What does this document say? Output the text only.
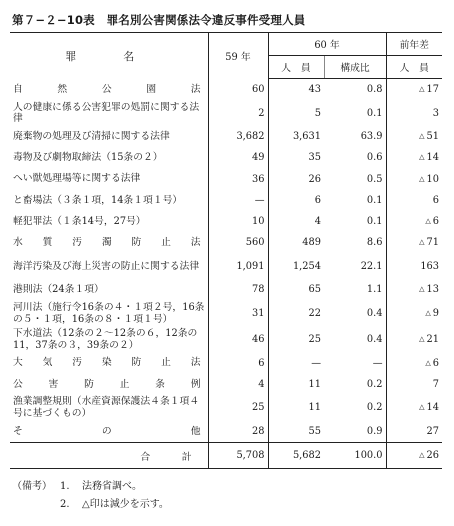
第７−２−10表　罪名別公害関係法令違反事件受理人員
罪　名	59 年	60 年		前年差
		人　員	構成比	人　員

自然公園法	60	43	0.8	△ 17

人の健康に係る公害犯罪の処罰に関する法律	2	5	0.1	3

廃棄物の処理及び清掃に関する法律	3,682	3,631	63.9	△ 51

毒物及び劇物取締法（15条の２）	49	35	0.6	△ 14

へい獣処理場等に関する法律	36	26	0.5	△ 10

と畜場法（３条１項，14条１項１号）	—	6	0.1	6

軽犯罪法（１条14号，27号）	10	4	0.1	△ 6

水質汚濁防止法	560	489	8.6	△ 71

海洋汚染及び海上災害の防止に関する法律	1,091	1,254	22.1	163

港則法（24条１項）	78	65	1.1	△ 13

河川法（施行令16条の４・１項２号，16条の５・１項，16条の８・１項１号）	31	22	0.4	△ 9

下水道法（12条の２〜12条の６，12条の11，37条の３，39条の２）	46	25	0.4	△ 21

大気汚染防止法	6	—	—	△ 6

公害防止条例	4	11	0.2	7

漁業調整規則（水産資源保護法４条１項４号に基づくもの）	25	11	0.2	△ 14

その他	28	55	0.9	27
合　　計	5,708	5,682	100.0	△ 26
（備考） 1. 法務省調べ。
2. △印は減少を示す。
